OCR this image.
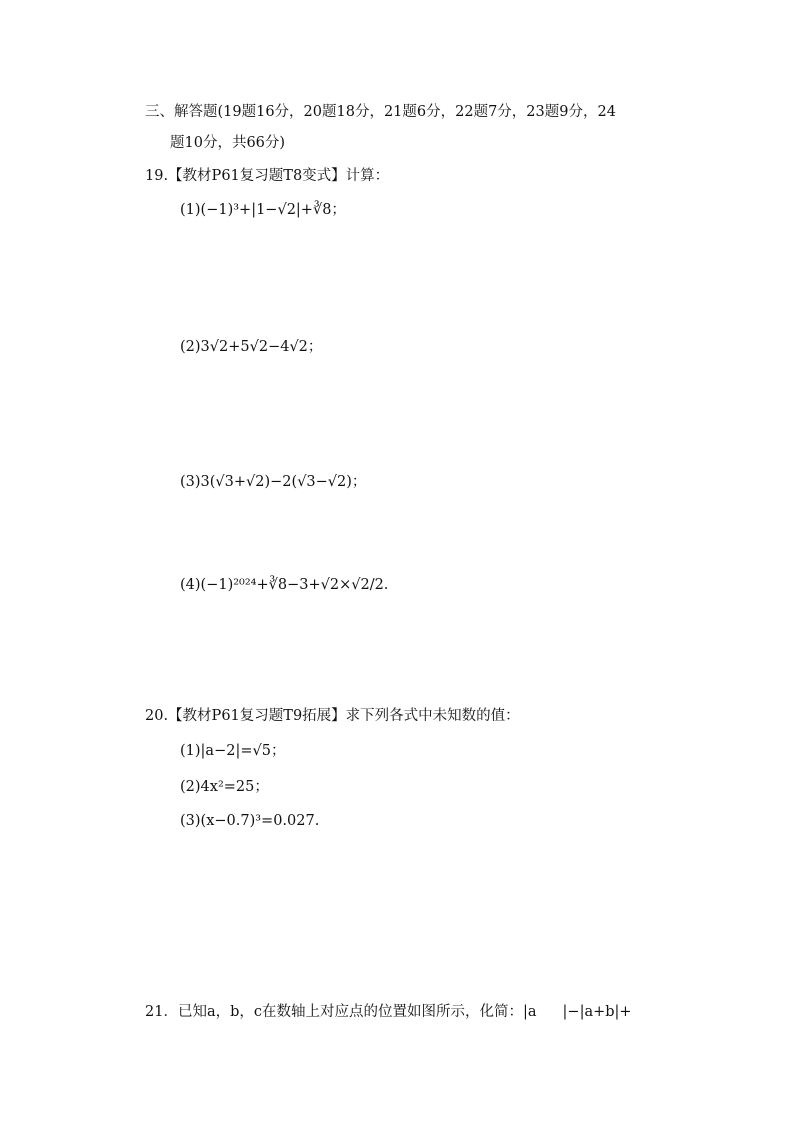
三、解答题(19题16分，20题18分，21题6分，22题7分，23题9分，24
题10分，共66分)
19.【教材P61复习题T8变式】计算：
(1)(−1)³+|1−√2|+∛8；
(2)3√2+5√2−4√2；
(3)3(√3+√2)−2(√3−√2)；
(4)(−1)²⁰²⁴+∛8−3+√2×√2/2.
20.【教材P61复习题T9拓展】求下列各式中未知数的值：
(1)|a−2|=√5；
(2)4x²=25；
(3)(x−0.7)³=0.027.
21．已知a，b，c在数轴上对应点的位置如图所示，化简：|a |−|a+b|+
